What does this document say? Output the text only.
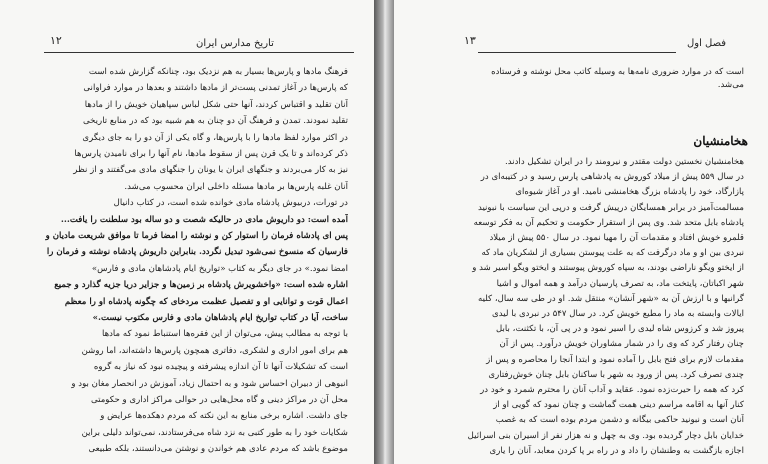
۱۲	تاریخ مدارس ایران
فرهنگ مادها و پارس‌ها بسیار به هم نزدیک بود، چنانکه گزارش شده است
که پارس‌ها در آغاز تمدنی پست‌تر از مادها داشتند و بعدها در موارد فراوانی
آنان تقلید و اقتباس کردند، آنها حتی شکل لباس سپاهیان خویش را از مادها
تقلید نمودند. تمدن و فرهنگ آن دو چنان به هم شبیه بود که در منابع تاریخی
در اکثر موارد لفظ مادها را با پارس‌ها، و گاه یکی از آن دو را به جای دیگری
ذکر کرده‌اند و تا یک قرن پس از سقوط مادها، نام آنها را برای نامیدن پارس‌ها
نیز به کار می‌بردند و جنگهای ایران با یونان را جنگهای مادی می‌گفتند و از نظر
آنان غلبه پارس‌ها بر مادها مسئله داخلی ایران محسوب می‌شد.
در تورات، دربیوش پادشاه مادی خوانده شده است، در کتاب دانیال
آمده است: دو داریوش مادی در حالیکه شصت و دو ساله بود سلطنت را یافت...
پس ای پادشاه فرمان را استوار کن و نوشته را امضا فرما تا موافق شریعت مادیان و
فارسیان که منسوخ نمی‌شود تبدیل نگردد. بنابراین داریوش پادشاه نوشته و فرمان را
امضا نمود.» در جای دیگر به کتاب «تواریخ ایام پادشاهان مادی و فارس»
اشاره شده است: «واخشویرش پادشاه بر زمین‌ها و جزایر دریا جزیه گذارد و جمیع
اعمال قوت و توانایی او و تفصیل عظمت مردخای که چگونه پادشاه او را معظم
ساخت، آیا در کتاب تواریخ ایام پادشاهان مادی و فارس مکتوب نیست.»
با توجه به مطالب پیش، می‌توان از این فقره‌ها استنباط نمود که مادها
هم برای امور اداری و لشکری، دفاتری همچون پارس‌ها داشته‌اند، اما روشن
است که تشکیلات آنها تا آن اندازه پیشرفته و پیچیده نبود که نیاز به گروه
انبوهی از دبیران احساس شود و به احتمال زیاد، آموزش در انحصار مغان بود و
محل آن در مراکز دینی و گاه محل‌هایی در حوالی مراکز اداری و حکومتی
جای داشت. اشاره برخی منابع به این نکته که مردم دهکده‌ها عرایض و
شکایات خود را به طور کتبی به نزد شاه می‌فرستادند، نمی‌تواند دلیلی براین
موضوع باشد که مردم عادی هم خواندن و نوشتن می‌دانستند، بلکه طبیعی
فصل اول
۱۳
است که در موارد ضروری نامه‌ها به وسیله کاتب محل نوشته و فرستاده
می‌شد.
هخامنشیان
هخامنشیان نخستین دولت مقتدر و نیرومند را در ایران تشکیل دادند.
در سال ۵۵۹ پیش از میلاد کوروش به پادشاهی پارس رسید و در کتیبه‌ای در
پازارگاد، خود را پادشاه بزرگ هخامنشی نامید. او در آغاز شیوه‌ای
مسالمت‌آمیز در برابر همسایگان درپیش گرفت و درپی این سیاست با نبونید
پادشاه بابل متحد شد. وی پس از استقرار حکومت و تحکیم آن به فکر توسعه
قلمرو خویش افتاد و مقدمات آن را مهیا نمود. در سال ۵۵۰ پیش از میلاد
نبردی بین او و ماد درگرفت که به علت پیوستن بسیاری از لشکریان ماد که
از ایختو ویگو ناراضی بودند، به سپاه کوروش پیوستند و ایختو ویگو اسیر شد و
شهر اکباتان، پایتخت ماد، به تصرف پارسیان درآمد و همه اموال و اشیا
گرانبها و با ارزش آن به «شهر آنشان» منتقل شد. او در طی سه سال، کلیه
ایالات وابسته به ماد را مطیع خویش کرد. در سال ۵۴۷ در نبردی با لیدی
پیروز شد و کرزوس شاه لیدی را اسیر نمود و در پی آن، با تکثنت، بابل
چنان رفتار کرد که وی را در شمار مشاوران خویش درآورد. پس از آن
مقدمات لازم برای فتح بابل را آماده نمود و ابتدا آنجا را محاصره و پس از
چندی تصرف کرد. پس از ورود به شهر با ساکنان بابل چنان خوش‌رفتاری
کرد که همه را حیرت‌زده نمود. عقاید و آداب آنان را محترم شمرد و خود در
کنار آنها به اقامه مراسم دینی همت گماشت و چنان نمود که گویی او از
آنان است و نبونید حاکمی بیگانه و دشمن مردم بوده است که به غصب
خدایان بابل دچار گردیده بود. وی به چهل و نه هزار نفر از اسیران بنی اسرائیل
اجازه بازگشت به وطنشان را داد و در راه بر پا کردن معابد، آنان را یاری
